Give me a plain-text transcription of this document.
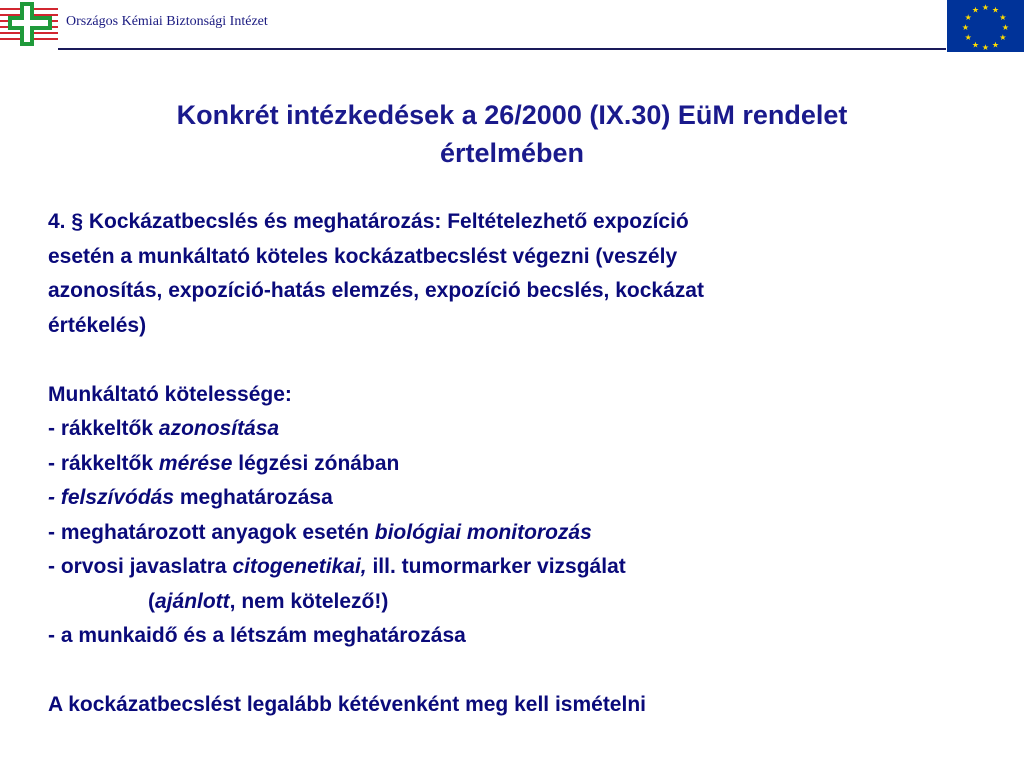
Országos Kémiai Biztonsági Intézet
★ ★
★
★
★
★
★
★
★
★
★
★
Konkrét intézkedések a 26/2000 (IX.30) EüM rendelet
értelmében
4. § Kockázatbecslés és meghatározás: Feltételezhető expozíció
esetén a munkáltató köteles kockázatbecslést végezni (veszély
azonosítás, expozíció-hatás elemzés, expozíció becslés, kockázat
értékelés)
Munkáltató kötelessége:
- rákkeltők azonosítása
- rákkeltők mérése légzési zónában
- felszívódás meghatározása
- meghatározott anyagok esetén biológiai monitorozás
- orvosi javaslatra citogenetikai, ill. tumormarker vizsgálat
(ajánlott, nem kötelező!)
- a munkaidő és a létszám meghatározása
A kockázatbecslést legalább kétévenként meg kell ismételni
